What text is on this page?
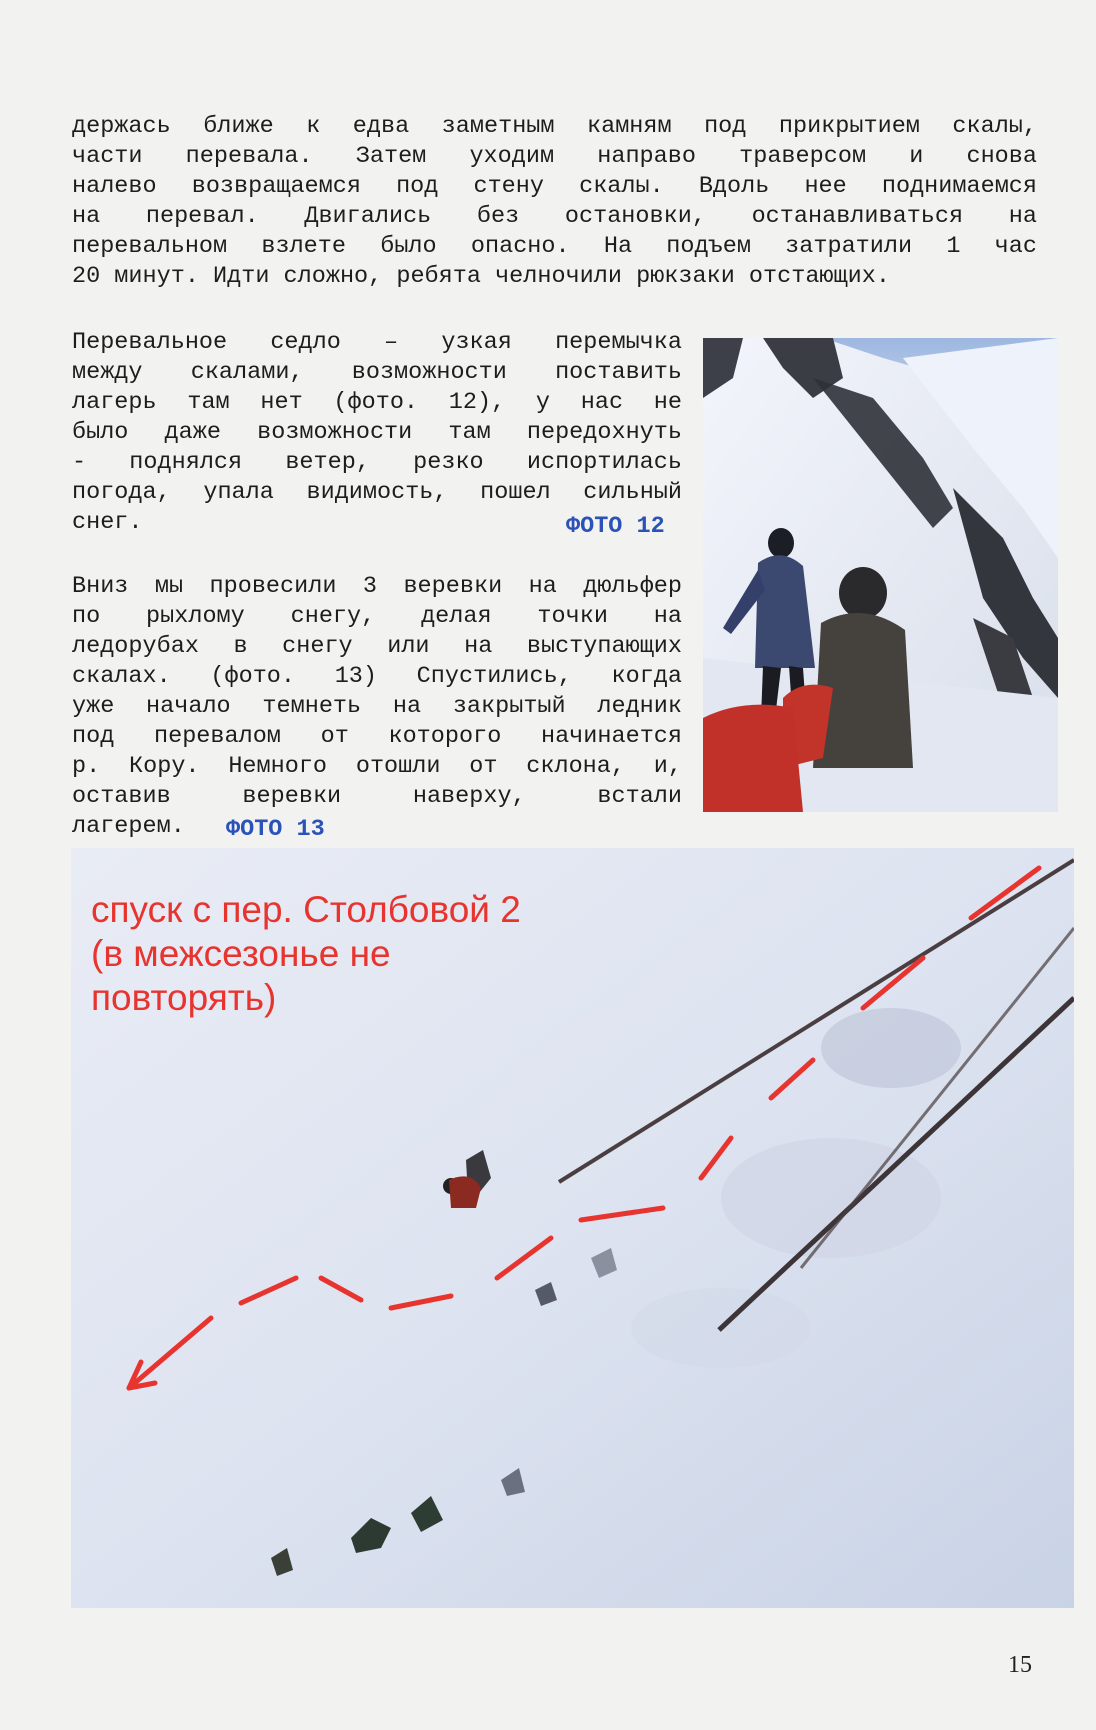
держась ближе к едва заметным камням под прикрытием скалы,
части перевала. Затем уходим направо траверсом и снова
налево возвращаемся под стену скалы. Вдоль нее поднимаемся
на перевал. Двигались без остановки, останавливаться на
перевальном взлете было опасно. На подъем затратили 1 час
20 минут. Идти сложно, ребята челночили рюкзаки отстающих.
Перевальное седло – узкая перемычка
между скалами, возможности поставить
лагерь там нет (фото. 12), у нас не
было даже возможности там передохнуть
- поднялся ветер, резко испортилась
погода, упала видимость, пошел сильный
снег.	ФОТО 12
Вниз мы провесили 3 веревки на дюльфер
по рыхлому снегу, делая точки на
ледорубах в снегу или на выступающих
скалах. (фото. 13) Спустились, когда
уже начало темнеть на закрытый ледник
под перевалом от которого начинается
р. Кору. Немного отошли от склона, и,
оставив веревки наверху, встали
лагерем.	ФОТО 13
спуск с пер. Столбовой 2
(в межсезонье не
повторять)
15
